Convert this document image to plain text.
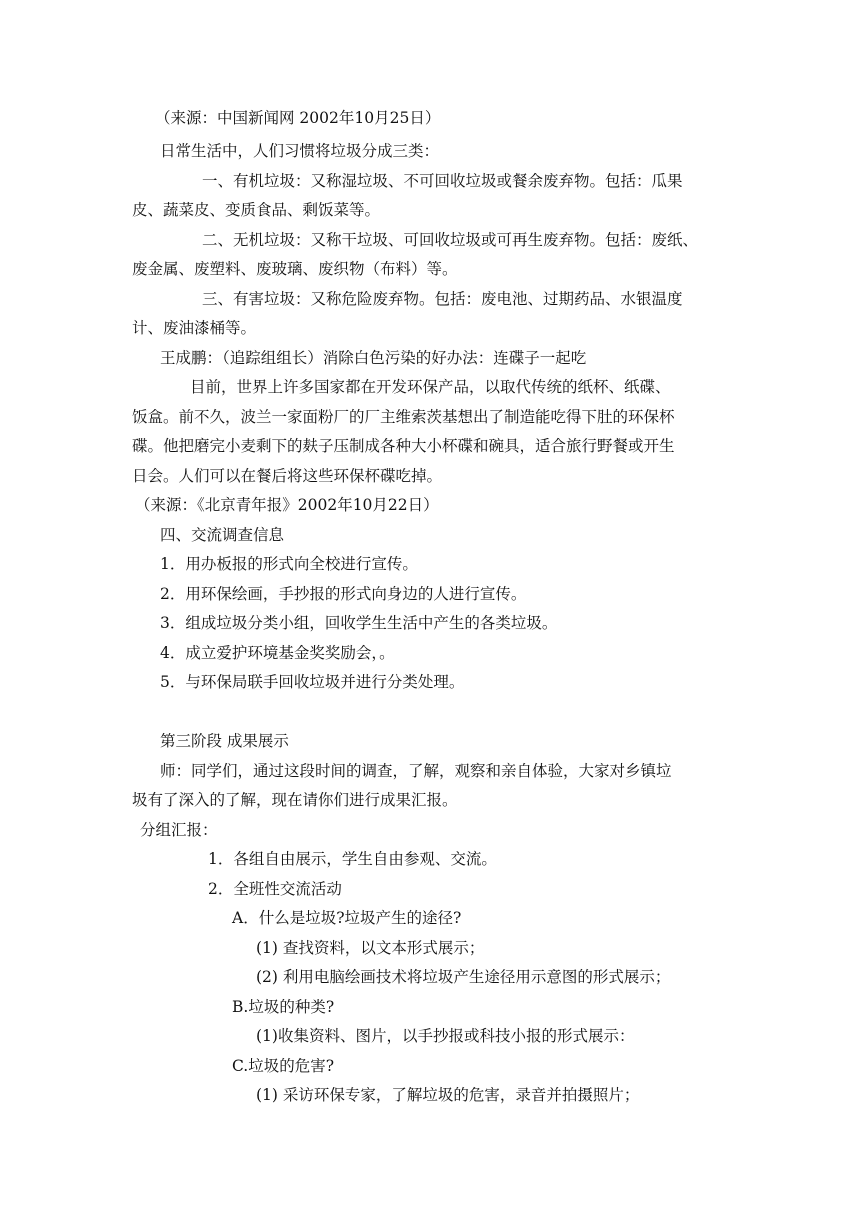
（来源：中国新闻网 2002年10月25日）
日常生活中，人们习惯将垃圾分成三类：
一、有机垃圾：又称湿垃圾、不可回收垃圾或餐余废弃物。包括：瓜果
皮、蔬菜皮、变质食品、剩饭菜等。
二、无机垃圾：又称干垃圾、可回收垃圾或可再生废弃物。包括：废纸、
废金属、废塑料、废玻璃、废织物（布料）等。
三、有害垃圾：又称危险废弃物。包括：废电池、过期药品、水银温度
计、废油漆桶等。
王成鹏：（追踪组组长）消除白色污染的好办法：连碟子一起吃
目前，世界上许多国家都在开发环保产品，以取代传统的纸杯、纸碟、
饭盒。前不久，波兰一家面粉厂的厂主维索茨基想出了制造能吃得下肚的环保杯
碟。他把磨完小麦剩下的麸子压制成各种大小杯碟和碗具，适合旅行野餐或开生
日会。人们可以在餐后将这些环保杯碟吃掉。
（来源：《北京青年报》2002年10月22日）
四、交流调查信息
1．用办板报的形式向全校进行宣传。
2．用环保绘画，手抄报的形式向身边的人进行宣传。
3．组成垃圾分类小组，回收学生生活中产生的各类垃圾。
4．成立爱护环境基金奖奖励会，。
5．与环保局联手回收垃圾并进行分类处理。
第三阶段 成果展示
师：同学们，通过这段时间的调查，了解，观察和亲自体验，大家对乡镇垃
圾有了深入的了解，现在请你们进行成果汇报。
分组汇报：
1．各组自由展示，学生自由参观、交流。
2．全班性交流活动
A．什么是垃圾?垃圾产生的途径?
(1) 查找资料，以文本形式展示；
(2) 利用电脑绘画技术将垃圾产生途径用示意图的形式展示；
B.垃圾的种类?
(1)收集资料、图片，以手抄报或科技小报的形式展示：
C.垃圾的危害?
(1) 采访环保专家，了解垃圾的危害，录音并拍摄照片；
